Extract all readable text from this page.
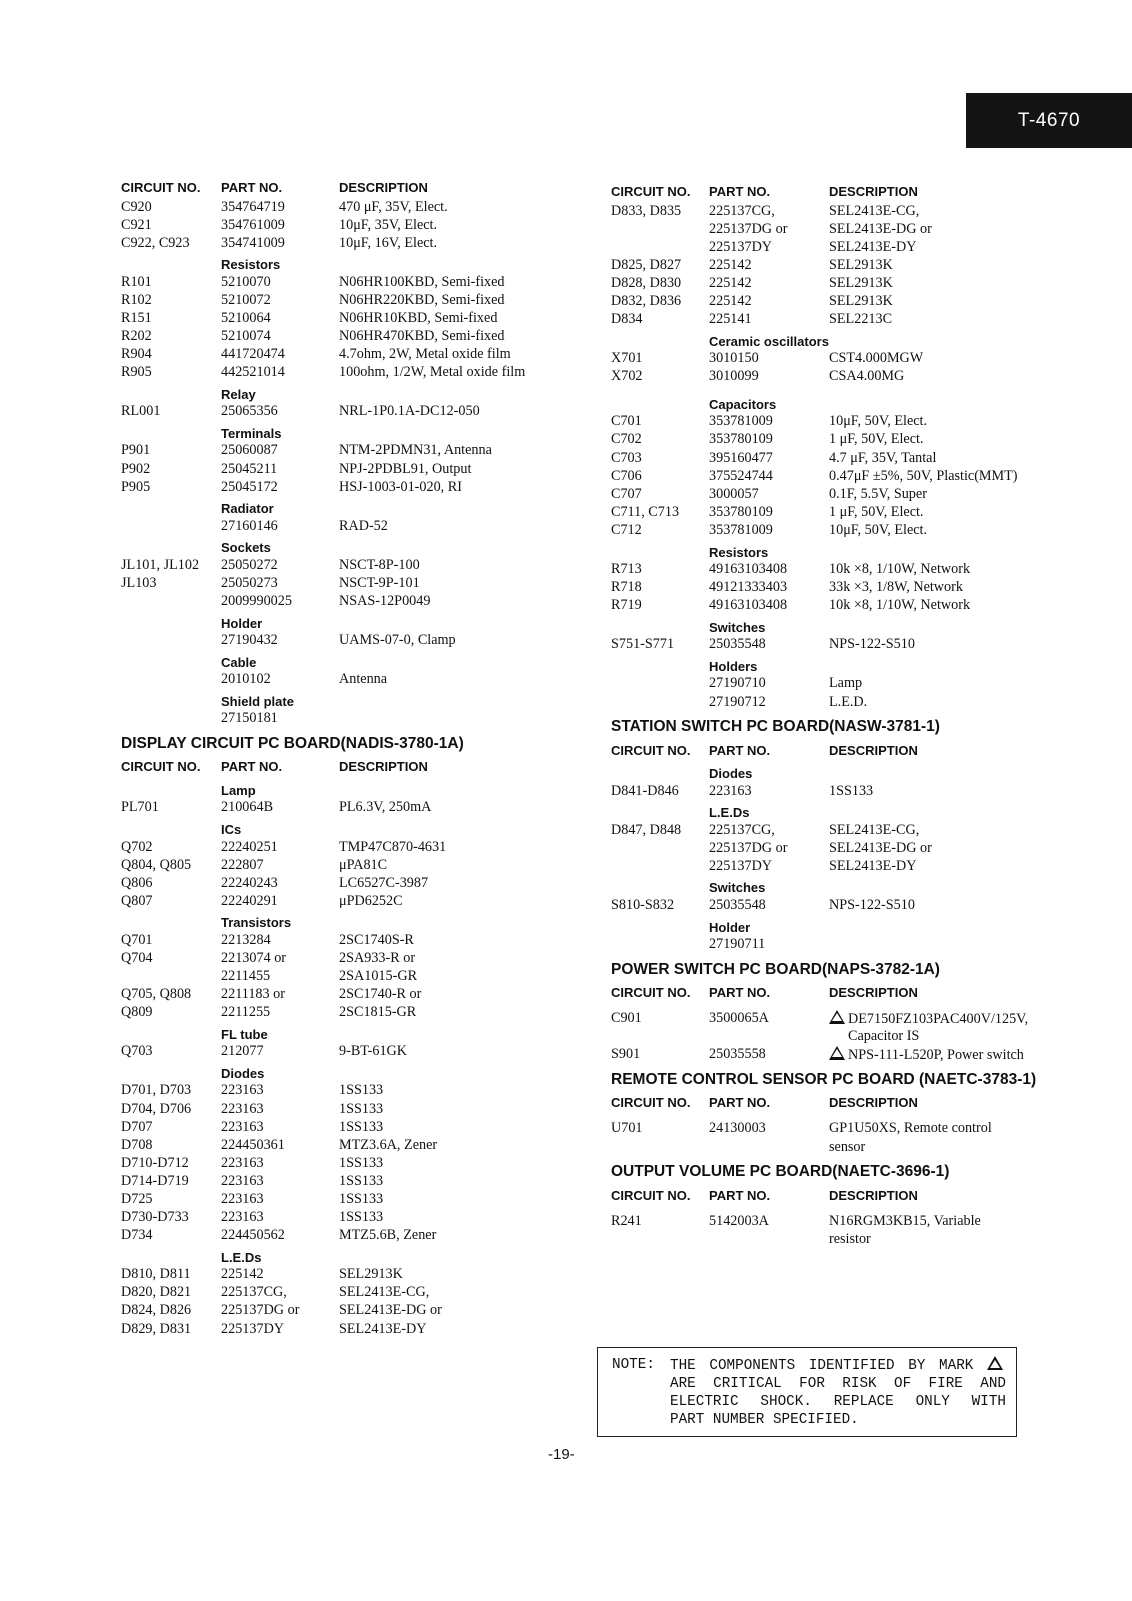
T-4670
CIRCUIT NO.	PART NO.	DESCRIPTION
C920	354764719	470 μF, 35V, Elect.
C921	354761009	10μF, 35V, Elect.
C922, C923	354741009	10μF, 16V, Elect.
Resistors
R101	5210070	N06HR100KBD, Semi-fixed
R102	5210072	N06HR220KBD, Semi-fixed
R151	5210064	N06HR10KBD, Semi-fixed
R202	5210074	N06HR470KBD, Semi-fixed
R904	441720474	4.7ohm, 2W, Metal oxide film
R905	442521014	100ohm, 1/2W, Metal oxide film
Relay
RL001	25065356	NRL-1P0.1A-DC12-050
Terminals
P901	25060087	NTM-2PDMN31, Antenna
P902	25045211	NPJ-2PDBL91, Output
P905	25045172	HSJ-1003-01-020, RI
Radiator
27160146	RAD-52
Sockets
JL101, JL102	25050272	NSCT-8P-100
JL103	25050273	NSCT-9P-101
2009990025	NSAS-12P0049
Holder
27190432	UAMS-07-0, Clamp
Cable
2010102	Antenna
Shield plate
27150181
DISPLAY CIRCUIT PC BOARD(NADIS-3780-1A)
CIRCUIT NO.	PART NO.	DESCRIPTION
Lamp
PL701	210064B	PL6.3V, 250mA
ICs
Q702	22240251	TMP47C870-4631
Q804, Q805	222807	μPA81C
Q806	22240243	LC6527C-3987
Q807	22240291	μPD6252C
Transistors
Q701	2213284	2SC1740S-R
Q704	2213074 or	2SA933-R or
2211455	2SA1015-GR
Q705, Q808	2211183 or	2SC1740-R or
Q809	2211255	2SC1815-GR
FL tube
Q703	212077	9-BT-61GK
Diodes
D701, D703	223163	1SS133
D704, D706	223163	1SS133
D707	223163	1SS133
D708	224450361	MTZ3.6A, Zener
D710-D712	223163	1SS133
D714-D719	223163	1SS133
D725	223163	1SS133
D730-D733	223163	1SS133
D734	224450562	MTZ5.6B, Zener
L.E.Ds
D810, D811	225142	SEL2913K
D820, D821	225137CG,	SEL2413E-CG,
D824, D826	225137DG or	SEL2413E-DG or
D829, D831	225137DY	SEL2413E-DY
CIRCUIT NO.	PART NO.	DESCRIPTION
D833, D835	225137CG,	SEL2413E-CG,
225137DG or	SEL2413E-DG or
225137DY	SEL2413E-DY
D825, D827	225142	SEL2913K
D828, D830	225142	SEL2913K
D832, D836	225142	SEL2913K
D834	225141	SEL2213C
Ceramic oscillators
X701	3010150	CST4.000MGW
X702	3010099	CSA4.00MG
Capacitors
C701	353781009	10μF, 50V, Elect.
C702	353780109	1 μF, 50V, Elect.
C703	395160477	4.7 μF, 35V, Tantal
C706	375524744	0.47μF ±5%, 50V, Plastic(MMT)
C707	3000057	0.1F, 5.5V, Super
C711, C713	353780109	1 μF, 50V, Elect.
C712	353781009	10μF, 50V, Elect.
Resistors
R713	49163103408	10k ×8, 1/10W, Network
R718	49121333403	33k ×3, 1/8W, Network
R719	49163103408	10k ×8, 1/10W, Network
Switches
S751-S771	25035548	NPS-122-S510
Holders
27190710	Lamp
27190712	L.E.D.
STATION SWITCH PC BOARD(NASW-3781-1)
CIRCUIT NO.	PART NO.	DESCRIPTION
Diodes
D841-D846	223163	1SS133
L.E.Ds
D847, D848	225137CG,	SEL2413E-CG,
225137DG or	SEL2413E-DG or
225137DY	SEL2413E-DY
Switches
S810-S832	25035548	NPS-122-S510
Holder
27190711
POWER SWITCH PC BOARD(NAPS-3782-1A)
CIRCUIT NO.	PART NO.	DESCRIPTION
C901	3500065A	DE7150FZ103PAC400V/125V,
Capacitor IS
S901	25035558	NPS-111-L520P, Power switch
REMOTE CONTROL SENSOR PC BOARD (NAETC-3783-1)
CIRCUIT NO.	PART NO.	DESCRIPTION
U701	24130003	GP1U50XS, Remote control
sensor
OUTPUT VOLUME PC BOARD(NAETC-3696-1)
CIRCUIT NO.	PART NO.	DESCRIPTION
R241	5142003A	N16RGM3KB15, Variable
resistor
NOTE:	THE COMPONENTS IDENTIFIED BY MARK
ARE CRITICAL FOR RISK OF FIRE AND
ELECTRIC SHOCK. REPLACE ONLY WITH
PART NUMBER SPECIFIED.
-19-
